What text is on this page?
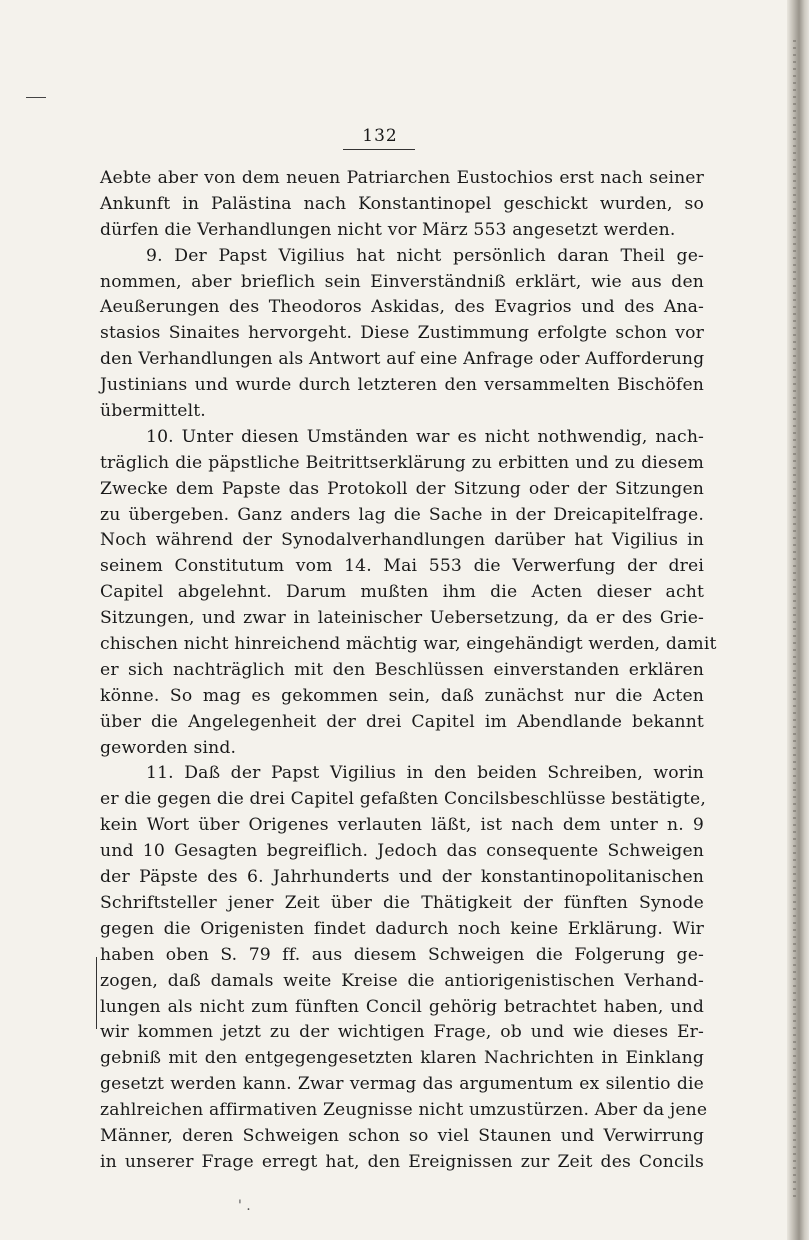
132
Aebte aber von dem neuen Patriarchen Eustochios erst nach seiner
Ankunft in Palästina nach Konstantinopel geschickt wurden, so
dürfen die Verhandlungen nicht vor März 553 angesetzt werden.
9. Der Papst Vigilius hat nicht persönlich daran Theil ge-
nommen, aber brieflich sein Einverständniß erklärt, wie aus den
Aeußerungen des Theodoros Askidas, des Evagrios und des Ana-
stasios Sinaites hervorgeht. Diese Zustimmung erfolgte schon vor
den Verhandlungen als Antwort auf eine Anfrage oder Aufforderung
Justinians und wurde durch letzteren den versammelten Bischöfen
übermittelt.
10. Unter diesen Umständen war es nicht nothwendig, nach-
träglich die päpstliche Beitrittserklärung zu erbitten und zu diesem
Zwecke dem Papste das Protokoll der Sitzung oder der Sitzungen
zu übergeben. Ganz anders lag die Sache in der Dreicapitelfrage.
Noch während der Synodalverhandlungen darüber hat Vigilius in
seinem Constitutum vom 14. Mai 553 die Verwerfung der drei
Capitel abgelehnt. Darum mußten ihm die Acten dieser acht
Sitzungen, und zwar in lateinischer Uebersetzung, da er des Grie-
chischen nicht hinreichend mächtig war, eingehändigt werden, damit
er sich nachträglich mit den Beschlüssen einverstanden erklären
könne. So mag es gekommen sein, daß zunächst nur die Acten
über die Angelegenheit der drei Capitel im Abendlande bekannt
geworden sind.
11. Daß der Papst Vigilius in den beiden Schreiben, worin
er die gegen die drei Capitel gefaßten Concilsbeschlüsse bestätigte,
kein Wort über Origenes verlauten läßt, ist nach dem unter n. 9
und 10 Gesagten begreiflich. Jedoch das consequente Schweigen
der Päpste des 6. Jahrhunderts und der konstantinopolitanischen
Schriftsteller jener Zeit über die Thätigkeit der fünften Synode
gegen die Origenisten findet dadurch noch keine Erklärung. Wir
haben oben S. 79 ff. aus diesem Schweigen die Folgerung ge-
zogen, daß damals weite Kreise die antiorigenistischen Verhand-
lungen als nicht zum fünften Concil gehörig betrachtet haben, und
wir kommen jetzt zu der wichtigen Frage, ob und wie dieses Er-
gebniß mit den entgegengesetzten klaren Nachrichten in Einklang
gesetzt werden kann. Zwar vermag das argumentum ex silentio die
zahlreichen affirmativen Zeugnisse nicht umzustürzen. Aber da jene
Männer, deren Schweigen schon so viel Staunen und Verwirrung
in unserer Frage erregt hat, den Ereignissen zur Zeit des Concils
' .
